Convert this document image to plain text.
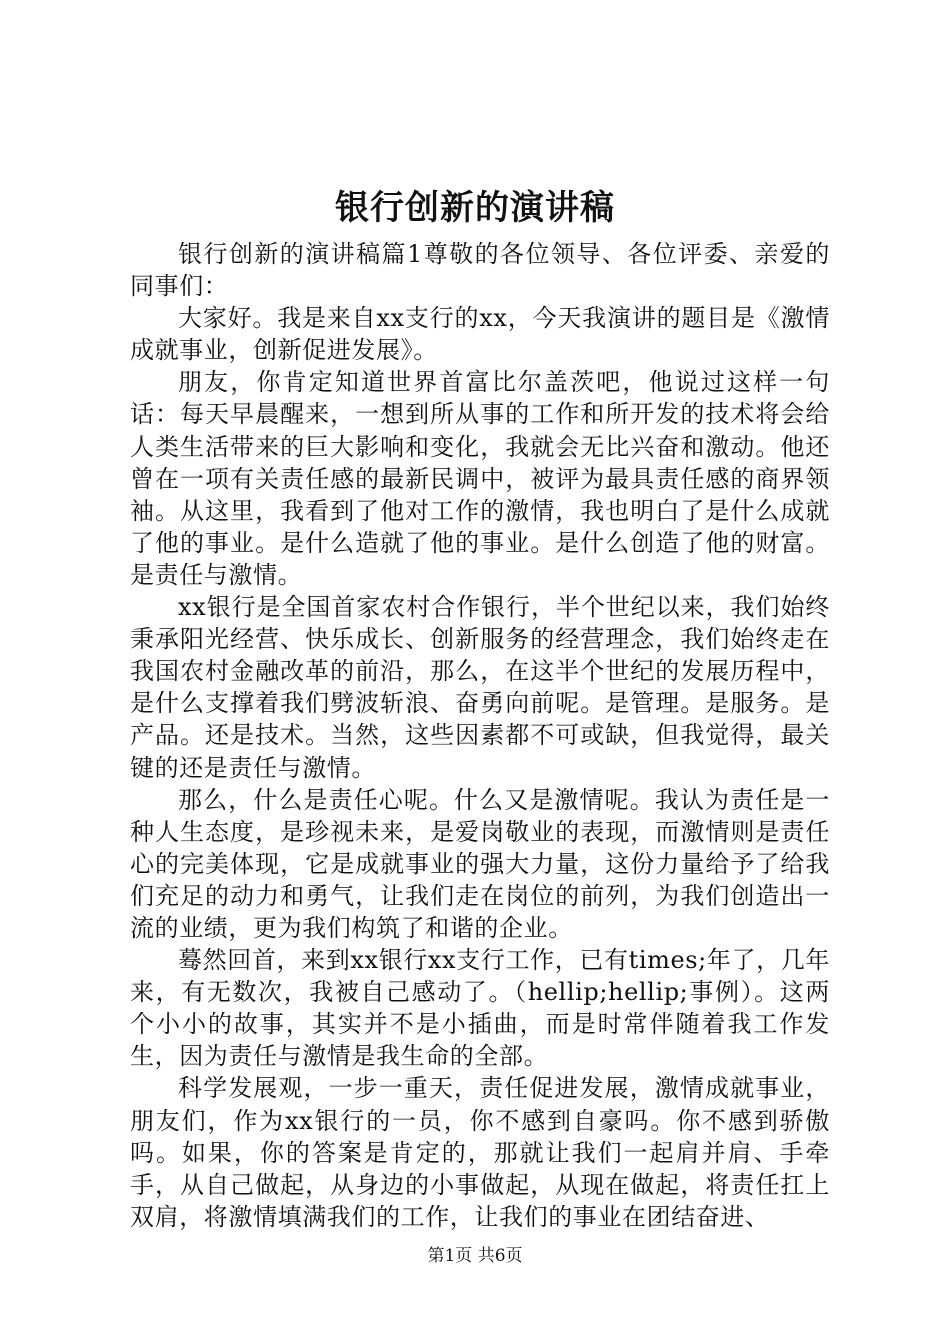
银行创新的演讲稿

银行创新的演讲稿篇1尊敬的各位领导、各位评委、亲爱的同事们：

大家好。我是来自xx支行的xx，今天我演讲的题目是《激情成就事业，创新促进发展》。

朋友，你肯定知道世界首富比尔盖茨吧，他说过这样一句话：每天早晨醒来，一想到所从事的工作和所开发的技术将会给人类生活带来的巨大影响和变化，我就会无比兴奋和激动。他还曾在一项有关责任感的最新民调中，被评为最具责任感的商界领袖。从这里，我看到了他对工作的激情，我也明白了是什么成就了他的事业。是什么造就了他的事业。是什么创造了他的财富。是责任与激情。

xx银行是全国首家农村合作银行，半个世纪以来，我们始终秉承阳光经营、快乐成长、创新服务的经营理念，我们始终走在我国农村金融改革的前沿，那么，在这半个世纪的发展历程中，是什么支撑着我们劈波斩浪、奋勇向前呢。是管理。是服务。是产品。还是技术。当然，这些因素都不可或缺，但我觉得，最关键的还是责任与激情。

那么，什么是责任心呢。什么又是激情呢。我认为责任是一种人生态度，是珍视未来，是爱岗敬业的表现，而激情则是责任心的完美体现，它是成就事业的强大力量，这份力量给予了给我们充足的动力和勇气，让我们走在岗位的前列，为我们创造出一流的业绩，更为我们构筑了和谐的企业。

蓦然回首，来到xx银行xx支行工作，已有times;年了，几年来，有无数次，我被自己感动了。（hellip;hellip;事例）。这两个小小的故事，其实并不是小插曲，而是时常伴随着我工作发生，因为责任与激情是我生命的全部。

科学发展观，一步一重天，责任促进发展，激情成就事业，朋友们，作为xx银行的一员，你不感到自豪吗。你不感到骄傲吗。如果，你的答案是肯定的，那就让我们一起肩并肩、手牵手，从自己做起，从身边的小事做起，从现在做起，将责任扛上双肩，将激情填满我们的工作，让我们的事业在团结奋进、

第1页 共6页
